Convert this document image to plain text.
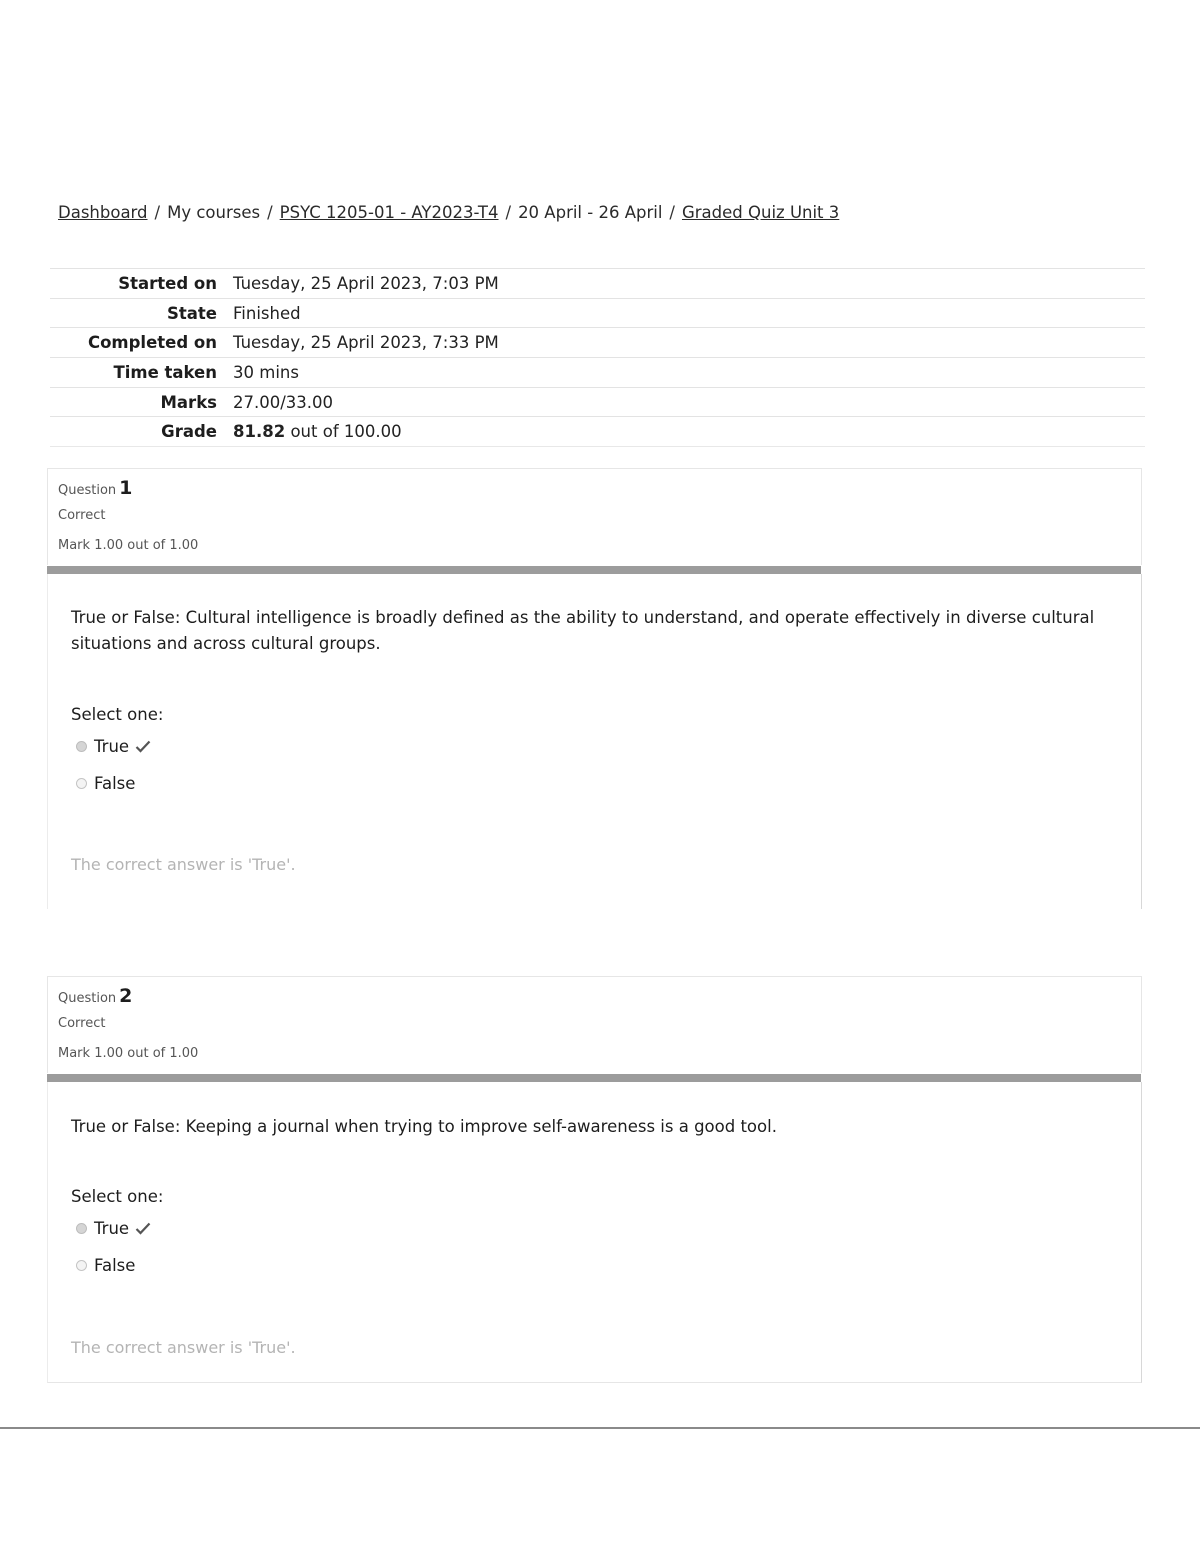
Dashboard / My courses / PSYC 1205-01 - AY2023-T4 / 20 April - 26 April / Graded Quiz Unit 3
Started on	Tuesday, 25 April 2023, 7:03 PM
State	Finished
Completed on	Tuesday, 25 April 2023, 7:33 PM
Time taken	30 mins
Marks	27.00/33.00
Grade	81.82 out of 100.00
Question 1
Correct
Mark 1.00 out of 1.00
True or False: Cultural intelligence is broadly defined as the ability to understand, and operate effectively in diverse cultural situations and across cultural groups.
Select one:
True
False
The correct answer is 'True'.
Question 2
Correct
Mark 1.00 out of 1.00
True or False: Keeping a journal when trying to improve self-awareness is a good tool.
Select one:
True
False
The correct answer is 'True'.
